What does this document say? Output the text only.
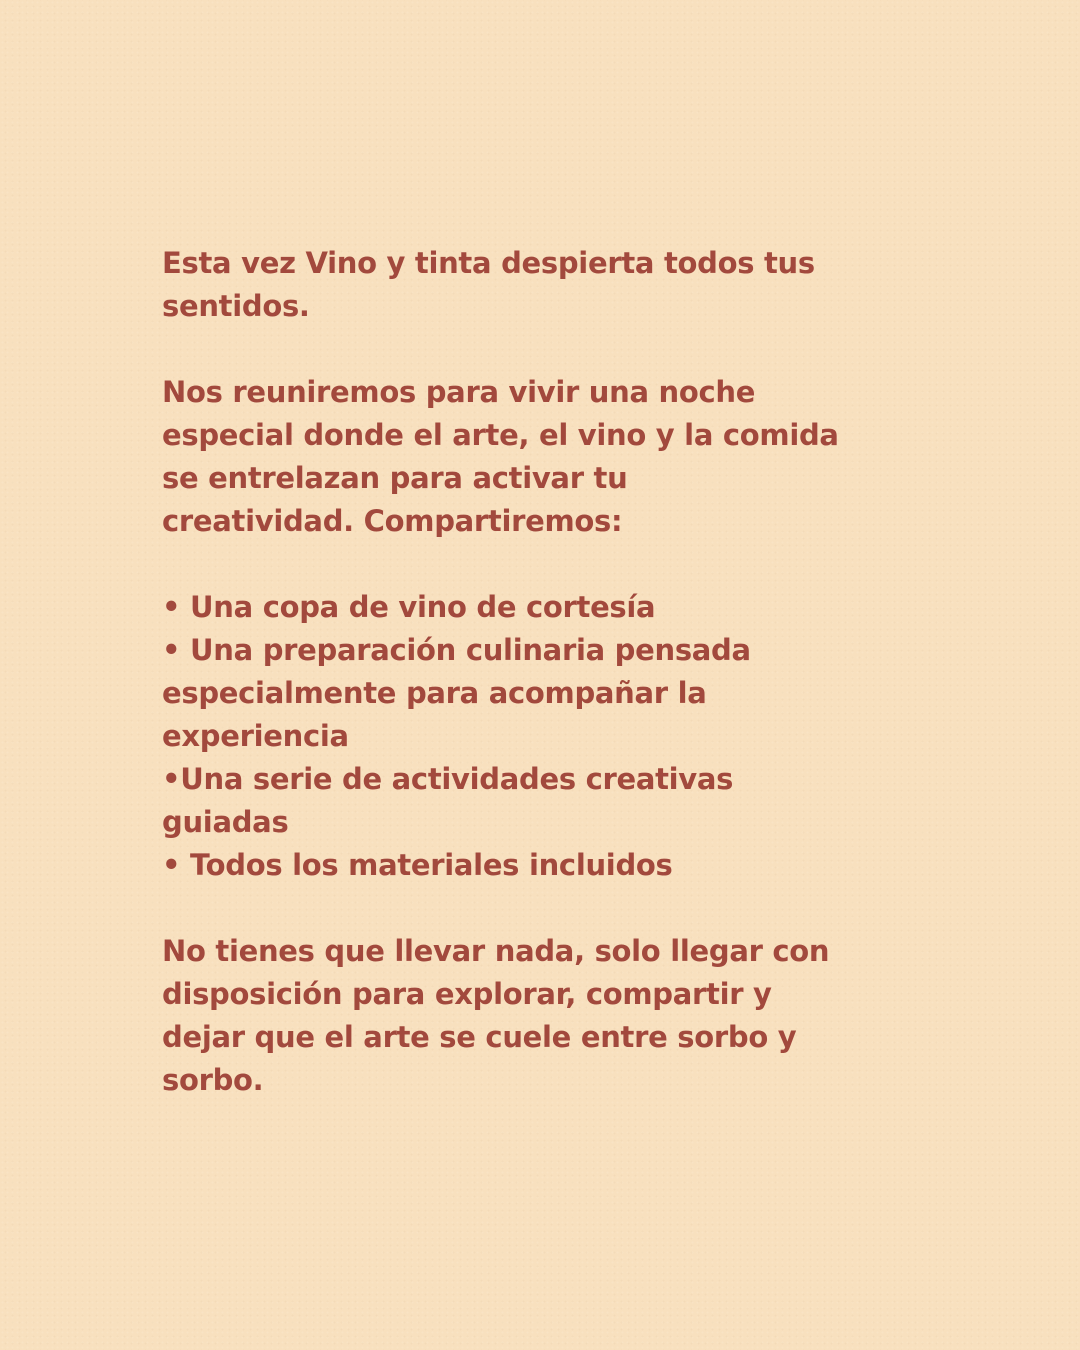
Esta vez Vino y tinta despierta todos tus
sentidos.

Nos reuniremos para vivir una noche
especial donde el arte, el vino y la comida
se entrelazan para activar tu
creatividad. Compartiremos:

• Una copa de vino de cortesía
• Una preparación culinaria pensada
especialmente para acompañar la
experiencia
•Una serie de actividades creativas
guiadas
• Todos los materiales incluidos

No tienes que llevar nada, solo llegar con
disposición para explorar, compartir y
dejar que el arte se cuele entre sorbo y
sorbo.
